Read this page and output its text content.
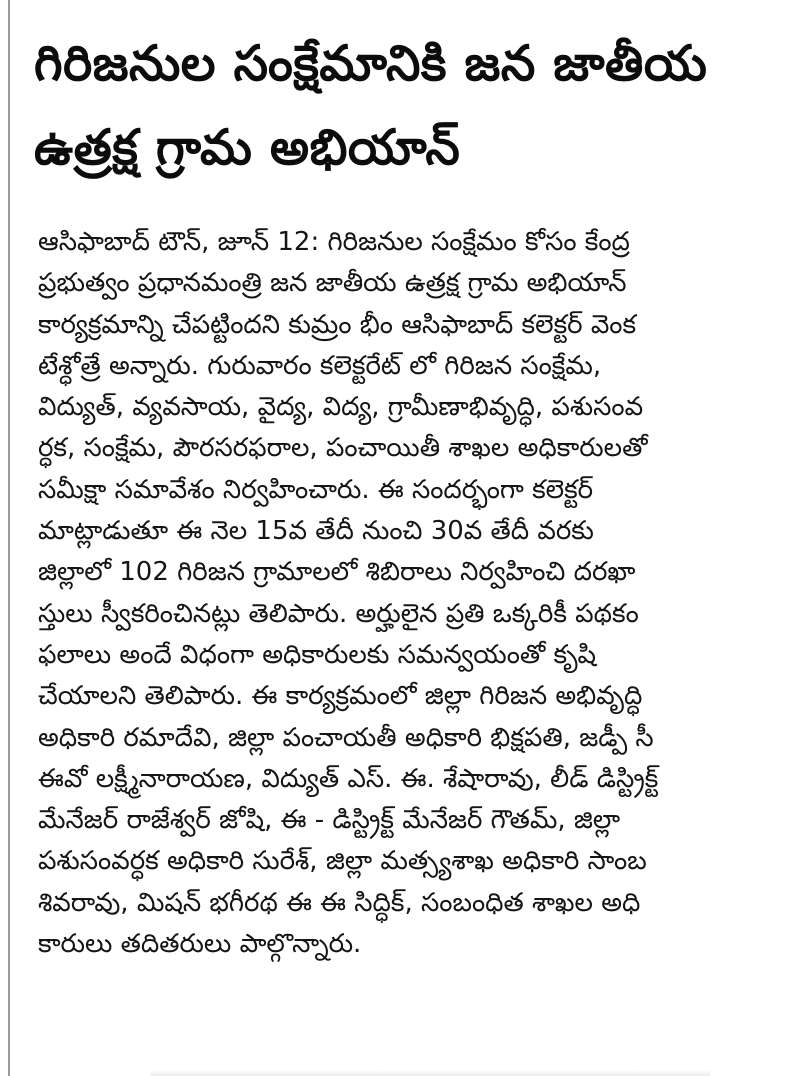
గిరిజనుల సంక్షేమానికి జన జాతీయ
ఉత్రక్ష గ్రామ అభియాన్
ఆసిఫాబాద్ టౌన్, జూన్ 12: గిరిజనుల సంక్షేమం కోసం కేంద్ర
ప్రభుత్వం ప్రధానమంత్రి జన జాతీయ ఉత్రక్ష గ్రామ అభియాన్
కార్యక్రమాన్ని చేపట్టిందని కుమ్రం భీం ఆసిఫాబాద్ కలెక్టర్ వెంక
టేశ్ధోత్రే అన్నారు. గురువారం కలెక్టరేట్ లో గిరిజన సంక్షేమ,
విద్యుత్, వ్యవసాయ, వైద్య, విద్య, గ్రామీణాభివృద్ధి, పశుసంవ
ర్ధక, సంక్షేమ, పౌరసరఫరాల, పంచాయితీ శాఖల అధికారులతో
సమీక్షా సమావేశం నిర్వహించారు. ఈ సందర్భంగా కలెక్టర్
మాట్లాడుతూ ఈ నెల 15వ తేదీ నుంచి 30వ తేదీ వరకు
జిల్లాలో 102 గిరిజన గ్రామాలలో శిబిరాలు నిర్వహించి దరఖా
స్తులు స్వీకరించినట్లు తెలిపారు. అర్హులైన ప్రతి ఒక్కరికీ పథకం
ఫలాలు అందే విధంగా అధికారులకు సమన్వయంతో కృషి
చేయాలని తెలిపారు. ఈ కార్యక్రమంలో జిల్లా గిరిజన అభివృద్ధి
అధికారి రమాదేవి, జిల్లా పంచాయతీ అధికారి భిక్షపతి, జడ్పీ సీ
ఈవో లక్ష్మీనారాయణ, విద్యుత్ ఎస్. ఈ. శేషారావు, లీడ్ డిస్ట్రిక్ట్
మేనేజర్ రాజేశ్వర్ జోషి, ఈ - డిస్ట్రిక్ట్ మేనేజర్ గౌతమ్, జిల్లా
పశుసంవర్ధక అధికారి సురేశ్, జిల్లా మత్స్యశాఖ అధికారి సాంబ
శివరావు, మిషన్ భగీరథ ఈ ఈ సిద్ధిక్, సంబంధిత శాఖల అధి
కారులు తదితరులు పాల్గొన్నారు.
